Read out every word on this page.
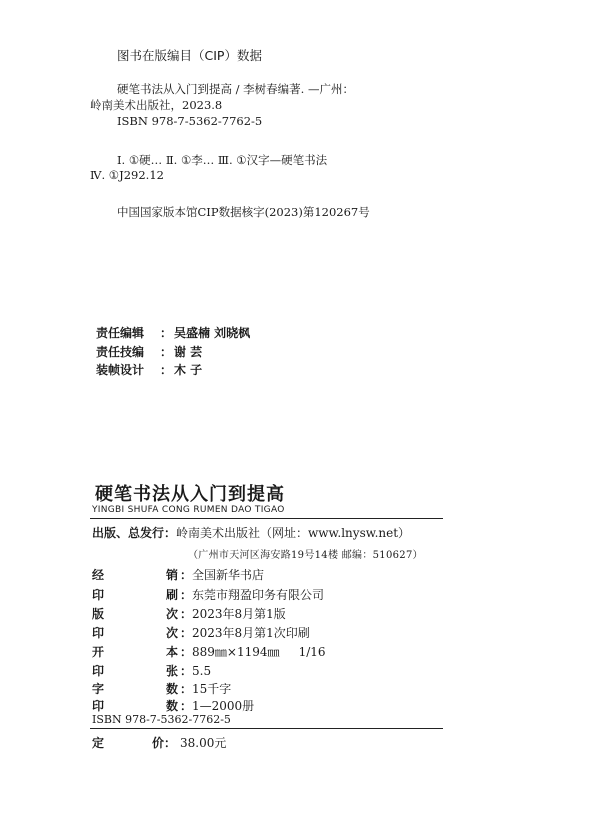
图书在版编目（CIP）数据
硬笔书法从入门到提高 / 李树春编著. —广州：
岭南美术出版社，2023.8
ISBN 978-7-5362-7762-5
Ⅰ. ①硬… Ⅱ. ①李… Ⅲ. ①汉字—硬笔书法
Ⅳ. ①J292.12
中国国家版本馆CIP数据核字(2023)第120267号
责任编辑 ： 吴盛楠 刘晓枫
责任技编 ： 谢 芸
装帧设计 ： 木 子
硬笔书法从入门到提高
YINGBI SHUFA CONG RUMEN DAO TIGAO
出版、总发行：岭南美术出版社（网址：www.lnysw.net）
（广州市天河区海安路19号14楼 邮编：510627）
经	销 ：全国新华书店
印	刷 ：东莞市翔盈印务有限公司
版	次 ：2023年8月第1版
印	次 ：2023年8月第1次印刷
开	本 ：889㎜×1194㎜     1/16
印	张 ：5.5
字	数 ：15千字
印	数 ：1—2000册
ISBN 978-7-5362-7762-5
定	价： 38.00元
